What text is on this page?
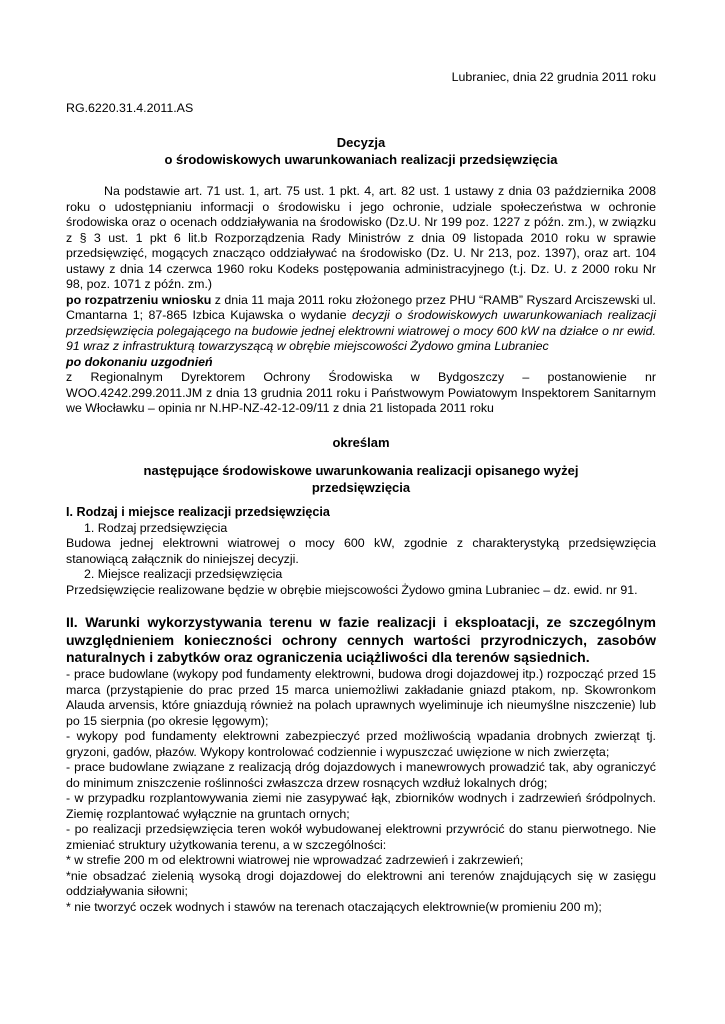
Lubraniec, dnia 22 grudnia 2011 roku

RG.6220.31.4.2011.AS

Decyzja

o środowiskowych uwarunkowaniach realizacji przedsięwzięcia

Na podstawie art. 71 ust. 1, art. 75 ust. 1 pkt. 4, art. 82 ust. 1 ustawy z dnia 03 października 2008 roku o udostępnianiu informacji o środowisku i jego ochronie, udziale społeczeństwa w ochronie środowiska oraz o ocenach oddziaływania na środowisko (Dz.U. Nr 199 poz. 1227 z późn. zm.), w związku z § 3 ust. 1 pkt 6 lit.b Rozporządzenia Rady Ministrów z dnia 09 listopada 2010 roku w sprawie przedsięwzięć, mogących znacząco oddziaływać na środowisko (Dz. U. Nr 213, poz. 1397), oraz art. 104 ustawy z dnia 14 czerwca 1960 roku Kodeks postępowania administracyjnego (t.j. Dz. U. z 2000 roku Nr 98, poz. 1071 z późn. zm.)

po rozpatrzeniu wniosku z dnia 11 maja 2011 roku złożonego przez PHU “RAMB” Ryszard Arciszewski ul. Cmantarna 1; 87-865 Izbica Kujawska o wydanie decyzji o środowiskowych uwarunkowaniach realizacji przedsięwzięcia polegającego na budowie jednej elektrowni wiatrowej o mocy 600 kW na działce o nr ewid. 91 wraz z infrastrukturą towarzyszącą w obrębie miejscowości Żydowo gmina Lubraniec

po dokonaniu uzgodnień

z Regionalnym Dyrektorem Ochrony Środowiska w Bydgoszczy – postanowienie nr WOO.4242.299.2011.JM z dnia 13 grudnia 2011 roku i Państwowym Powiatowym Inspektorem Sanitarnym we Włocławku – opinia nr N.HP-NZ-42-12-09/11 z dnia 21 listopada 2011 roku

określam

następujące środowiskowe uwarunkowania realizacji opisanego wyżej

przedsięwzięcia

I. Rodzaj i miejsce realizacji przedsięwzięcia

1. Rodzaj przedsięwzięcia

Budowa jednej elektrowni wiatrowej o mocy 600 kW, zgodnie z charakterystyką przedsięwzięcia stanowiącą załącznik do niniejszej decyzji.

2. Miejsce realizacji przedsięwzięcia

Przedsięwzięcie realizowane będzie w obrębie miejscowości Żydowo gmina Lubraniec – dz. ewid. nr 91.

II. Warunki wykorzystywania terenu w fazie realizacji i eksploatacji, ze szczególnym uwzględnieniem konieczności ochrony cennych wartości przyrodniczych, zasobów naturalnych i zabytków oraz ograniczenia uciążliwości dla terenów sąsiednich.

- prace budowlane (wykopy pod fundamenty elektrowni, budowa drogi dojazdowej itp.) rozpocząć przed 15 marca (przystąpienie do prac przed 15 marca uniemożliwi zakładanie gniazd ptakom, np. Skowronkom Alauda arvensis, które gniazdują również na polach uprawnych wyeliminuje ich nieumyślne niszczenie) lub po 15 sierpnia (po okresie lęgowym);

- wykopy pod fundamenty elektrowni zabezpieczyć przed możliwością wpadania drobnych zwierząt tj. gryzoni, gadów, płazów. Wykopy kontrolować codziennie i wypuszczać uwięzione w nich zwierzęta;

- prace budowlane związane z realizacją dróg dojazdowych i manewrowych prowadzić tak, aby ograniczyć do minimum zniszczenie roślinności zwłaszcza drzew rosnących wzdłuż lokalnych dróg;

- w przypadku rozplantowywania ziemi nie zasypywać łąk, zbiorników wodnych i zadrzewień śródpolnych. Ziemię rozplantować wyłącznie na gruntach ornych;

- po realizacji przedsięwzięcia teren wokół wybudowanej elektrowni przywrócić do stanu pierwotnego. Nie zmieniać struktury użytkowania terenu, a w szczególności:

* w strefie 200 m od elektrowni wiatrowej nie wprowadzać zadrzewień i zakrzewień;

*nie obsadzać zielenią wysoką drogi dojazdowej do elektrowni ani terenów znajdujących się w zasięgu oddziaływania siłowni;

* nie tworzyć oczek wodnych i stawów na terenach otaczających elektrownie(w promieniu 200 m);
